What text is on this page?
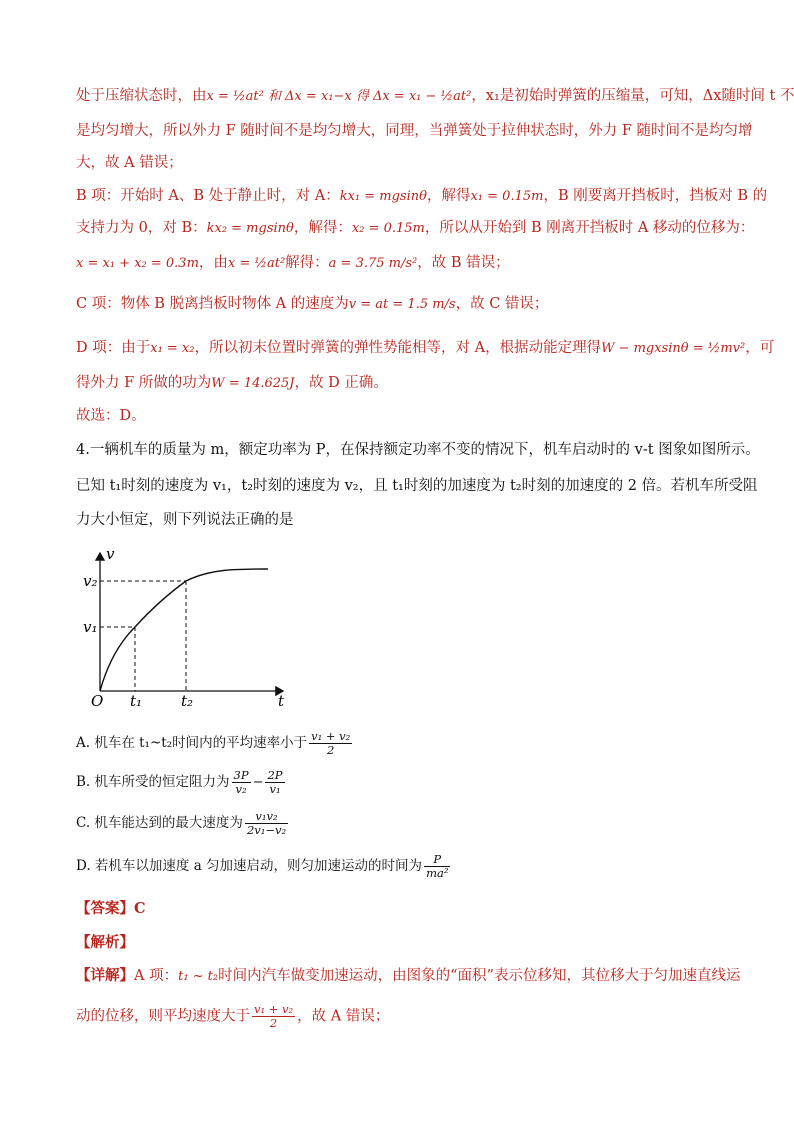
处于压缩状态时，由x = ½at² 和 Δx = x₁−x 得 Δx = x₁ − ½at²，x₁是初始时弹簧的压缩量，可知，Δx随时间 t 不
是均匀增大，所以外力 F 随时间不是均匀增大，同理，当弹簧处于拉伸状态时，外力 F 随时间不是均匀增
大，故 A 错误；
B 项：开始时 A、B 处于静止时，对 A：kx₁ = mgsinθ，解得x₁ = 0.15m，B 刚要离开挡板时，挡板对 B 的
支持力为 0，对 B：kx₂ = mgsinθ，解得：x₂ = 0.15m，所以从开始到 B 刚离开挡板时 A 移动的位移为：
x = x₁ + x₂ = 0.3m，由x = ½at²解得：a = 3.75 m/s²，故 B 错误；
C 项：物体 B 脱离挡板时物体 A 的速度为v = at = 1.5 m/s，故 C 错误；
D 项：由于x₁ = x₂，所以初末位置时弹簧的弹性势能相等，对 A，根据动能定理得W − mgxsinθ = ½mv²，可
得外力 F 所做的功为W = 14.625J，故 D 正确。
故选：D。
4.一辆机车的质量为 m，额定功率为 P，在保持额定功率不变的情况下，机车启动时的 v-t 图象如图所示。
已知 t₁时刻的速度为 v₁，t₂时刻的速度为 v₂，且 t₁时刻的加速度为 t₂时刻的加速度的 2 倍。若机车所受阻
力大小恒定，则下列说法正确的是
v
t
O
v₁
v₂
t₁	t₂
A. 机车在 t₁~t₂时间内的平均速率小于 $\frac{\text{v₁ + v₂}}{2}$
B. 机车所受的恒定阻力为 $\frac{3P}{\text{v₂}} - \frac{2P}{\text{v₁}}$
C. 机车能达到的最大速度为 $\frac{\text{v₁v₂}}{\text{2v₁−v₂}}$
D. 若机车以加速度 a 匀加速启动，则匀加速运动的时间为 $\frac{P}{\text{ma²}}$
【答案】C
【解析】
【详解】A 项：t₁ ~ t₂时间内汽车做变加速运动，由图象的“面积”表示位移知，其位移大于匀加速直线运
动的位移，则平均速度大于 $\frac{\text{v₁ + v₂}}{2}$ ，故 A 错误；
